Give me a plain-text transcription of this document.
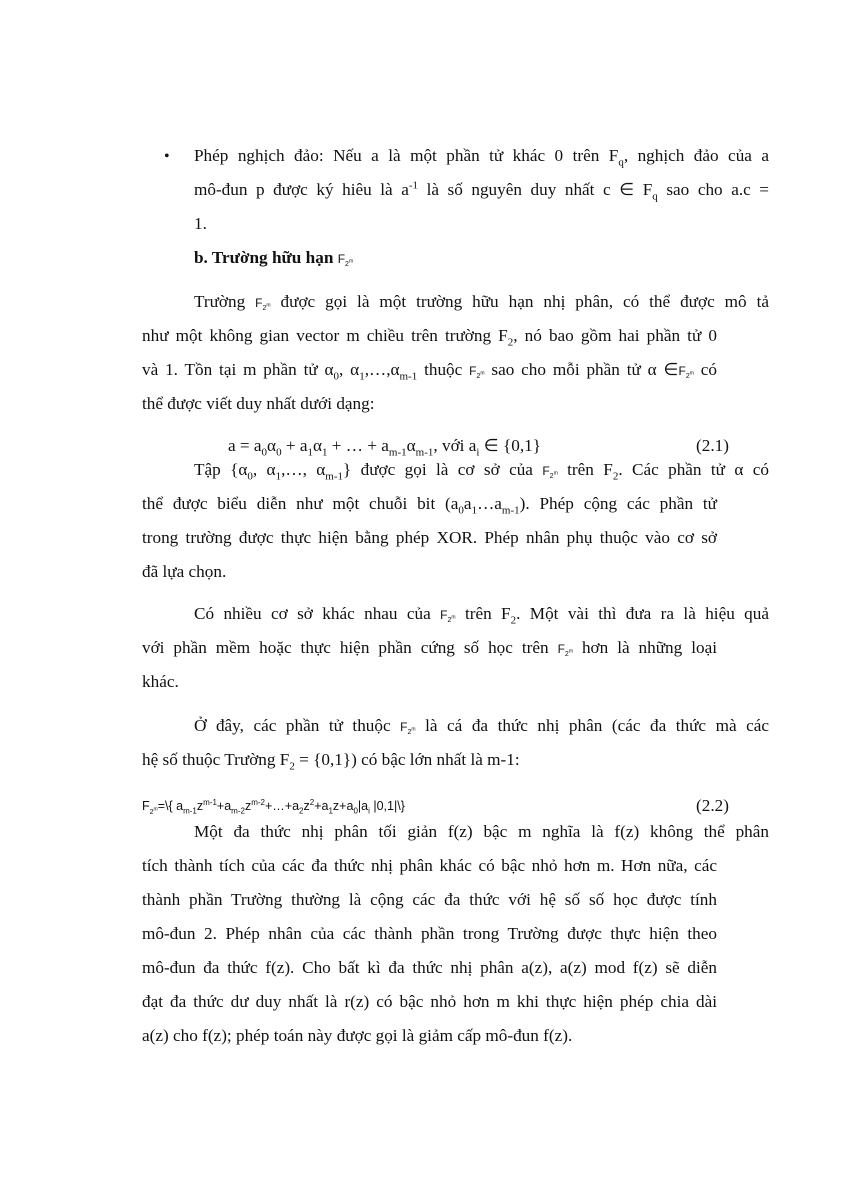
• Phép nghịch đảo: Nếu a là một phần tử khác 0 trên $F_q$, nghịch đảo của a
mô-đun p được ký hiêu là $a^{-1}$ là số nguyên duy nhất c ∈ $F_q$ sao cho a.c =
1.
b. Trường hữu hạn $F_{2^m}$
Trường $F_{2^m}$ được gọi là một trường hữu hạn nhị phân, có thể được mô tả
như một không gian vector m chiều trên trường $F_2$, nó bao gồm hai phần tử 0
và 1. Tồn tại m phần tử $\alpha_0$, $\alpha_1,\dots,\alpha_{m-1}$ thuộc $F_{2^m}$ sao cho mỗi phần tử α $\in F_{2^m}$ có
thể được viết duy nhất dưới dạng:
$a = a_0\alpha_0 + a_1\alpha_1$ + … + $a_{m-1}\alpha_{m-1}$, với $a_i$ ∈ {0,1}	(2.1)
Tập {$\alpha_0$, $\alpha_1,\dots$, $\alpha_{m-1}$} được gọi là cơ sở của $F_{2^m}$ trên $F_2$. Các phần tử α có
thể được biểu diễn như một chuỗi bit $(a_0a_1\dots a_{m-1})$. Phép cộng các phần tử
trong trường được thực hiện bằng phép XOR. Phép nhân phụ thuộc vào cơ sở
đã lựa chọn.
Có nhiều cơ sở khác nhau của $F_{2^m}$ trên $F_2$. Một vài thì đưa ra là hiệu quả
với phần mềm hoặc thực hiện phần cứng số học trên $F_{2^m}$ hơn là những loại
khác.
Ở đây, các phần tử thuộc $F_{2^m}$ là cá đa thức nhị phân (các đa thức mà các
hệ số thuộc Trường $F_2 = \{0,1\}$) có bậc lớn nhất là m-1:
$F_{2^m}=\backslash${ $a_{m-1}z^{m-1}+a_{m-2}z^{m-2}+\dots+a_2z^2+a_1z+a_0|a_i$ |0,1|\}	(2.2)
Một đa thức nhị phân tối giản f(z) bậc m nghĩa là f(z) không thể phân
tích thành tích của các đa thức nhị phân khác có bậc nhỏ hơn m. Hơn nữa, các
thành phần Trường thường là cộng các đa thức với hệ số số học được tính
mô-đun 2. Phép nhân của các thành phần trong Trường được thực hiện theo
mô-đun đa thức f(z). Cho bất kì đa thức nhị phân a(z), a(z) mod f(z) sẽ diễn
đạt đa thức dư duy nhất là r(z) có bậc nhỏ hơn m khi thực hiện phép chia dài
a(z) cho f(z); phép toán này được gọi là giảm cấp mô-đun f(z).
